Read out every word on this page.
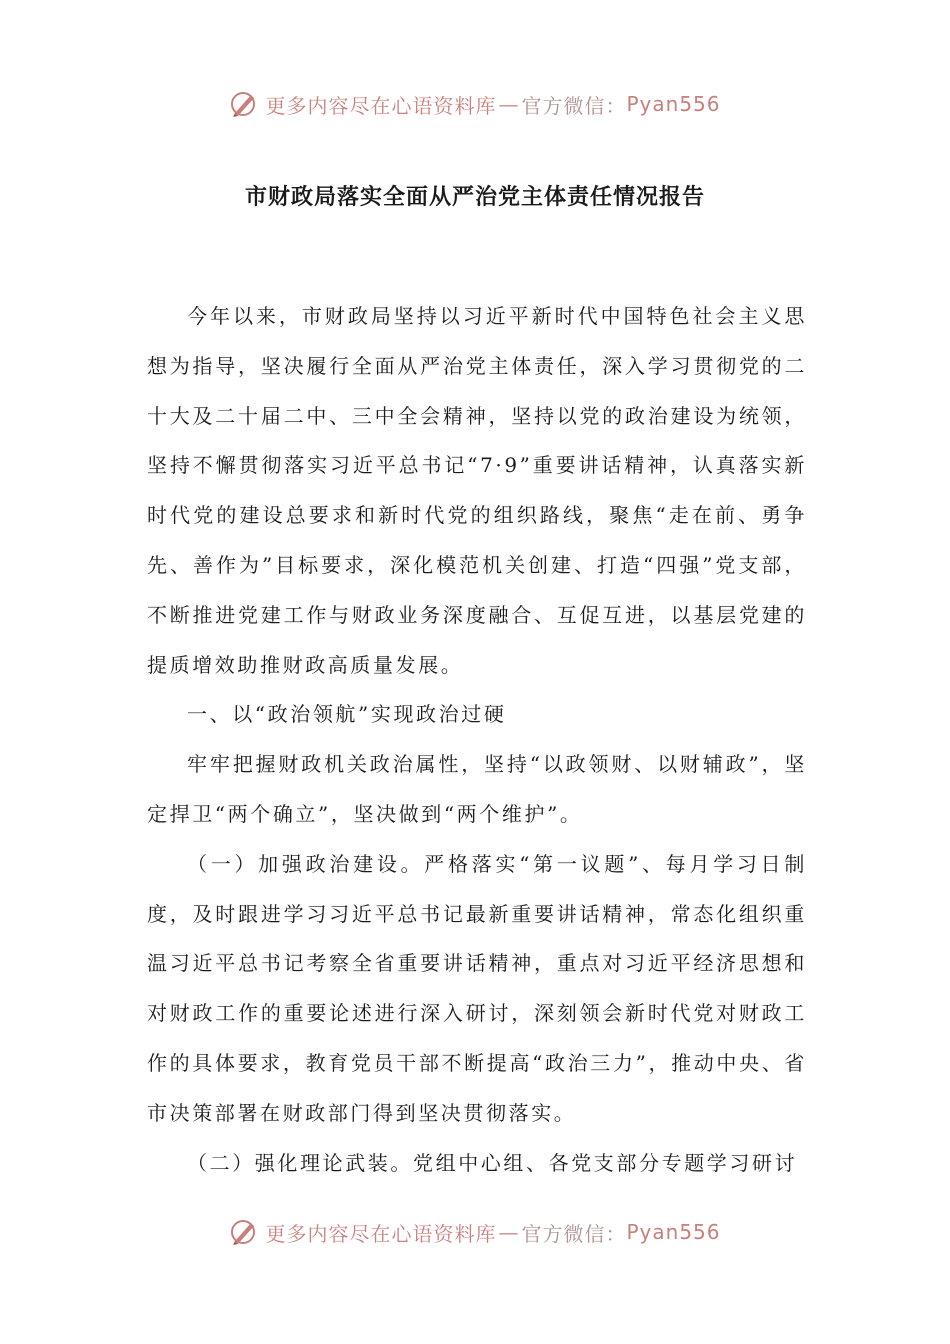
更多内容尽在心语资料库 — 官方微信： Pyan556
市财政局落实全面从严治党主体责任情况报告

今年以来，市财政局坚持以习近平新时代中国特色社会主义思想为指导，坚决履行全面从严治党主体责任，深入学习贯彻党的二十大及二十届二中、三中全会精神，坚持以党的政治建设为统领，坚持不懈贯彻落实习近平总书记“7·9”重要讲话精神，认真落实新时代党的建设总要求和新时代党的组织路线，聚焦“走在前、勇争先、善作为”目标要求，深化模范机关创建、打造“四强”党支部，不断推进党建工作与财政业务深度融合、互促互进，以基层党建的提质增效助推财政高质量发展。

一、以“政治领航”实现政治过硬

牢牢把握财政机关政治属性，坚持“以政领财、以财辅政”，坚定捍卫“两个确立”，坚决做到“两个维护”。

（一）加强政治建设。严格落实“第一议题”、每月学习日制度，及时跟进学习习近平总书记最新重要讲话精神，常态化组织重温习近平总书记考察全省重要讲话精神，重点对习近平经济思想和对财政工作的重要论述进行深入研讨，深刻领会新时代党对财政工作的具体要求，教育党员干部不断提高“政治三力”，推动中央、省市决策部署在财政部门得到坚决贯彻落实。

（二）强化理论武装。党组中心组、各党支部分专题学习研讨

更多内容尽在心语资料库 — 官方微信： Pyan556
